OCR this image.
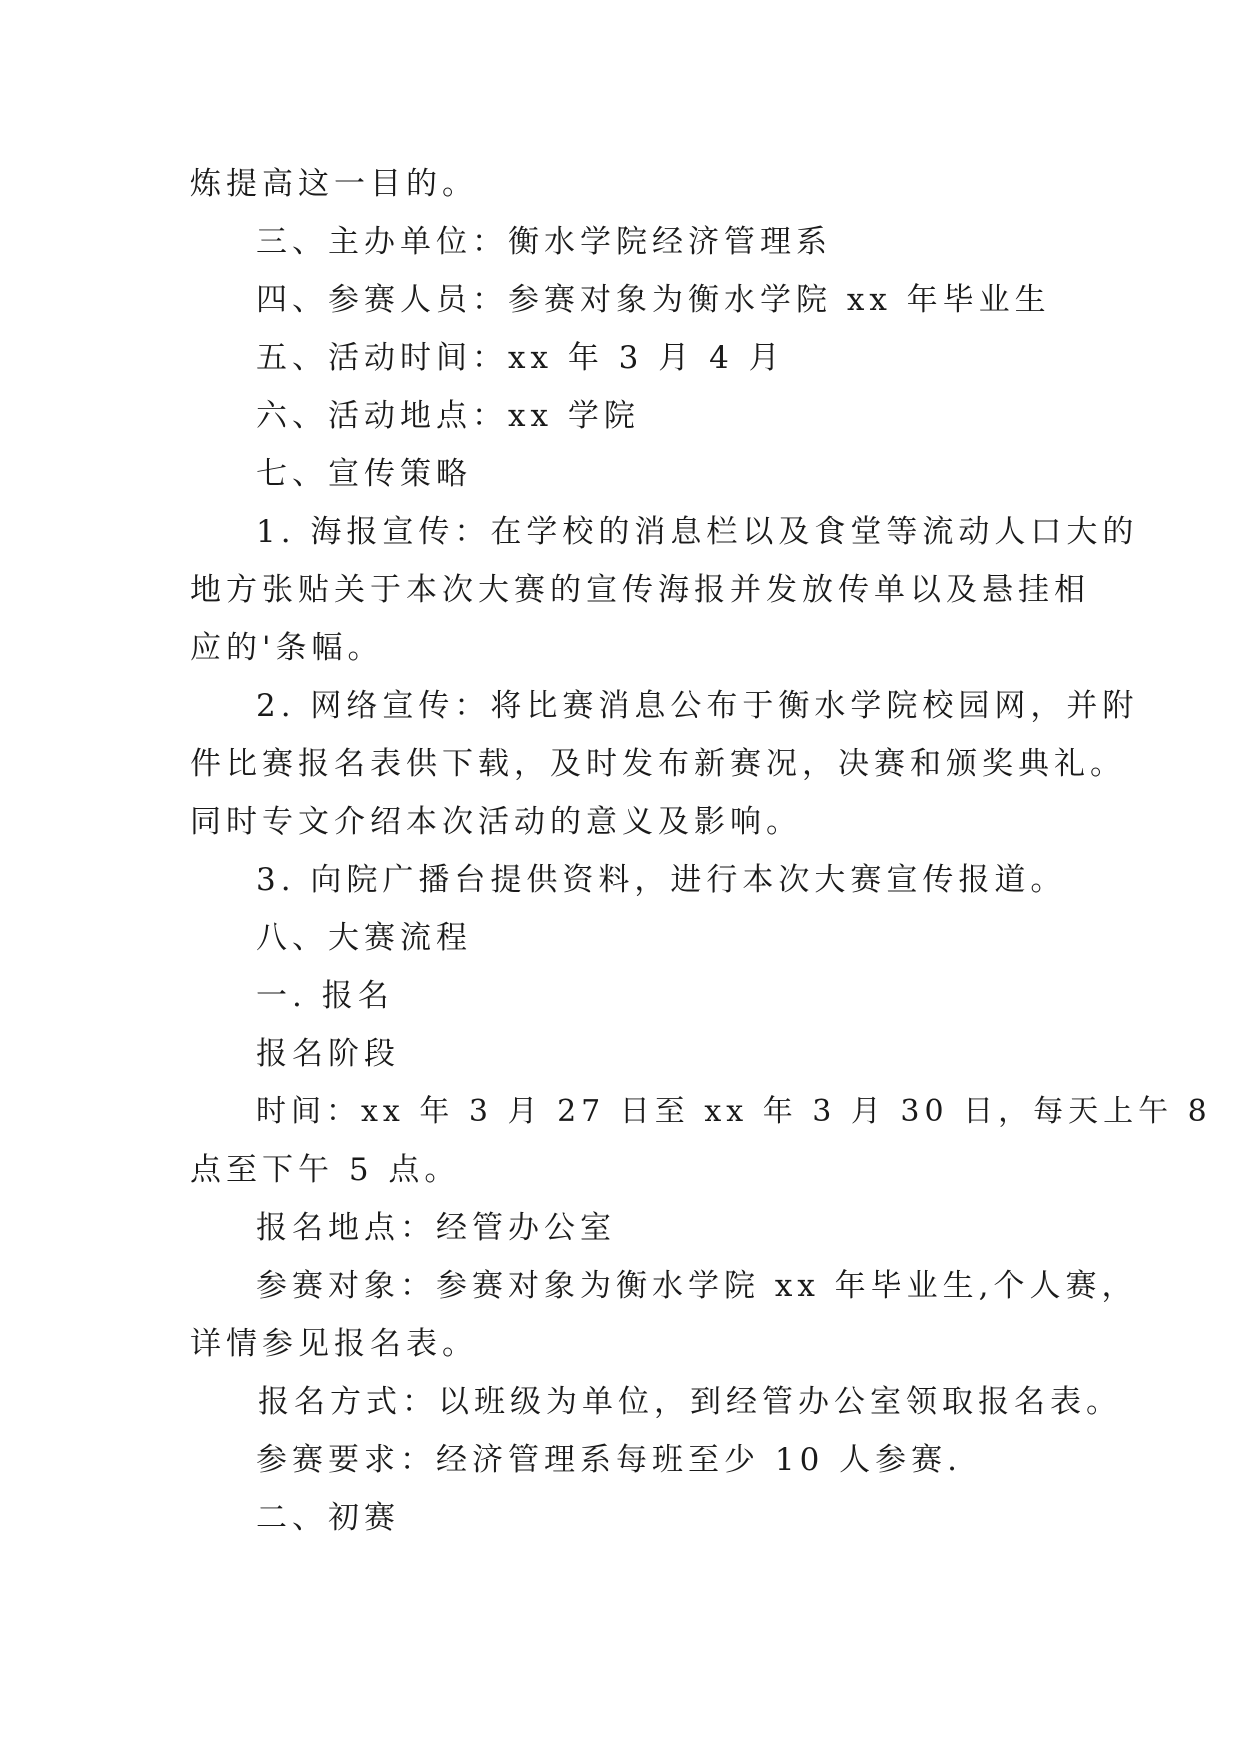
炼提高这一目的。
三、主办单位：衡水学院经济管理系
四、参赛人员：参赛对象为衡水学院 xx 年毕业生
五、活动时间：xx 年 3 月 4 月
六、活动地点：xx 学院
七、宣传策略
1. 海报宣传：在学校的消息栏以及食堂等流动人口大的
地方张贴关于本次大赛的宣传海报并发放传单以及悬挂相
应的'条幅。
2. 网络宣传：将比赛消息公布于衡水学院校园网，并附
件比赛报名表供下载，及时发布新赛况，决赛和颁奖典礼。
同时专文介绍本次活动的意义及影响。
3. 向院广播台提供资料，进行本次大赛宣传报道。
八、大赛流程
一. 报名
报名阶段
时间：xx 年 3 月 27 日至 xx 年 3 月 30 日，每天上午 8
点至下午 5 点。
报名地点：经管办公室
参赛对象：参赛对象为衡水学院 xx 年毕业生,个人赛，
详情参见报名表。
报名方式：以班级为单位，到经管办公室领取报名表。
参赛要求：经济管理系每班至少 10 人参赛.
二、初赛
